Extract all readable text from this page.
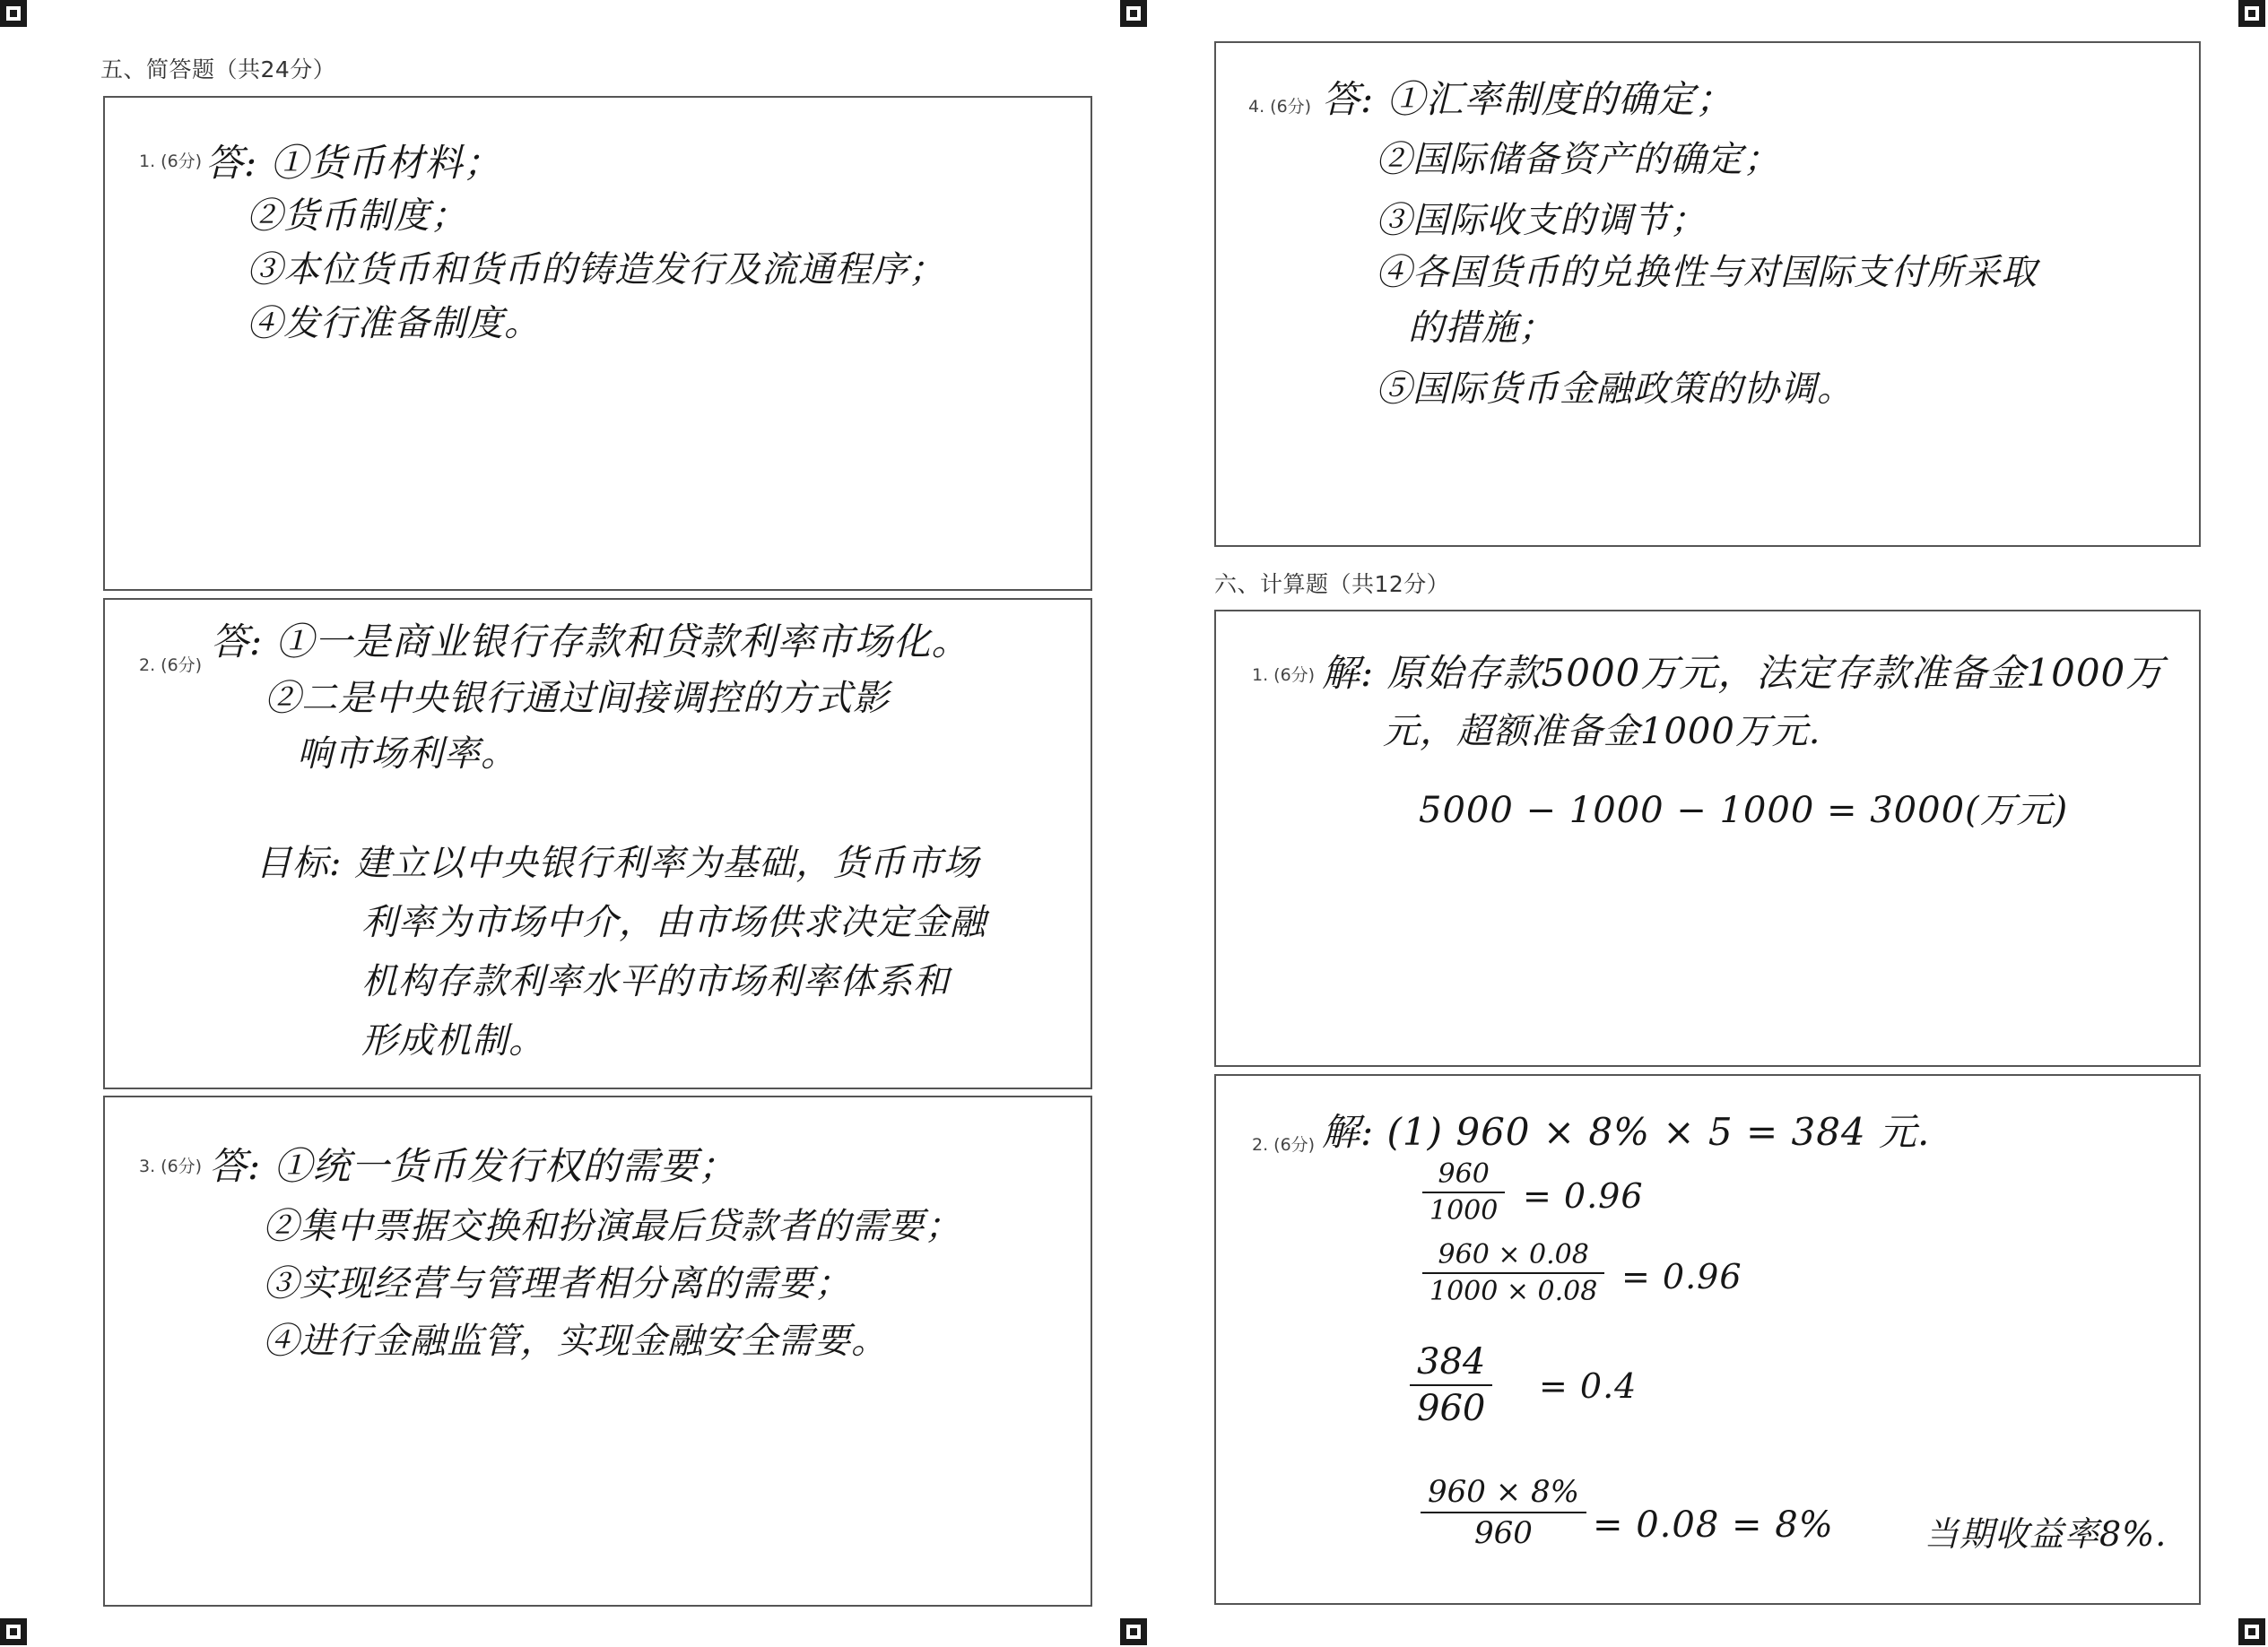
五、简答题（共24分）
1. (6分) 答: ①货币材料；
②货币制度；
③本位货币和货币的铸造发行及流通程序；
④发行准备制度。
2. (6分)
答: ①一是商业银行存款和贷款利率市场化。
②二是中央银行通过间接调控的方式影
响市场利率。
目标: 建立以中央银行利率为基础，货币市场
利率为市场中介，由市场供求决定金融
机构存款利率水平的市场利率体系和
形成机制。
3. (6分) 答: ①统一货币发行权的需要；
②集中票据交换和扮演最后贷款者的需要；
③实现经营与管理者相分离的需要；
④进行金融监管，实现金融安全需要。
4. (6分) 答: ①汇率制度的确定；
②国际储备资产的确定；
③国际收支的调节；
④各国货币的兑换性与对国际支付所采取
的措施；
⑤国际货币金融政策的协调。
六、计算题（共12分）
1. (6分) 解: 原始存款5000万元，法定存款准备金1000万
元，超额准备金1000万元.
5000 − 1000 − 1000 = 3000(万元)
2. (6分) 解: (1) 960 × 8% × 5 = 384 元.
960
1000 = 0.96
960 × 0.08
1000 × 0.08 = 0.96
384
960
= 0.4
960 × 8%
960 = 0.08 = 8%	当期收益率8%.
